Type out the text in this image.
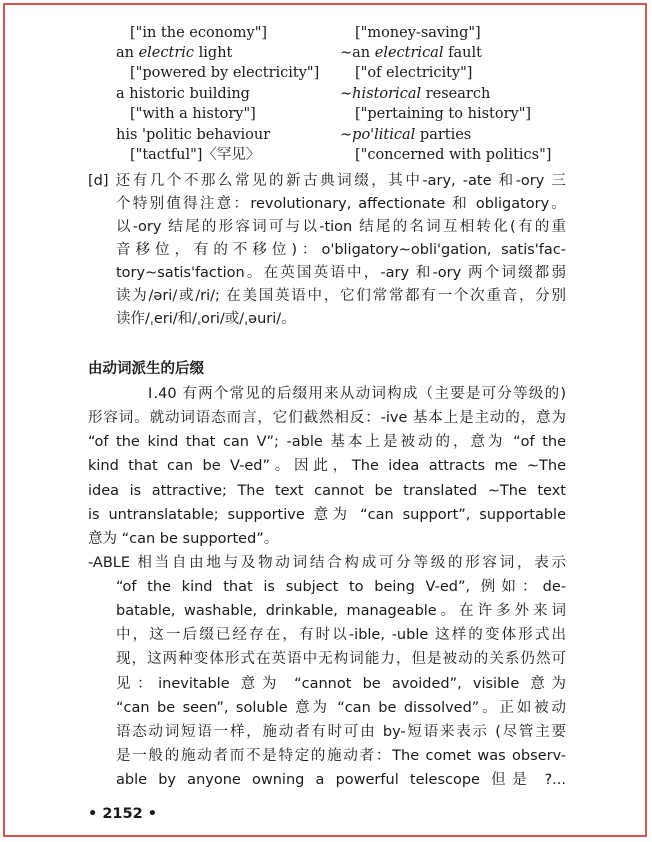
["in the economy"]	["money-saving"]
an electric light	∼an electrical fault
["powered by electricity"] ["of electricity"]
a historic building	∼historical research
["with a history"]	["pertaining to history"]
his 'politic behaviour	∼po'litical parties
["tactful"]〈罕见〉	["concerned with politics"]
[d] 还有几个不那么常见的新古典词缀，其中-ary, -ate 和-ory 三
个特别值得注意：revolutionary, affectionate 和 obligatory。
以-ory 结尾的形容词可与以-tion 结尾的名词互相转化(有的重
音移位，有的不移位)：o'bligatory∼obli'gation, satis'fac-
tory∼satis'faction。在英国英语中，-ary 和-ory 两个词缀都弱
读为/əri/或/ri/; 在美国英语中，它们常常都有一个次重音，分别
读作/ˌeri/和/ˌori/或/ˌəuri/。
由动词派生的后缀
Ⅰ.40 有两个常见的后缀用来从动词构成（主要是可分等级的)
形容词。就动词语态而言，它们截然相反：-ive 基本上是主动的，意为
“of the kind that can V”; -able 基本上是被动的，意为 “of the
kind that can be V-ed”。因此，The idea attracts me ∼The
idea is attractive; The text cannot be translated ∼The text
is untranslatable; supportive 意为 “can support”, supportable
意为 “can be supported”。
-ABLE 相当自由地与及物动词结合构成可分等级的形容词，表示
“of the kind that is subject to being V-ed”, 例如：de-
batable, washable, drinkable, manageable。在许多外来词
中，这一后缀已经存在，有时以-ible, -uble 这样的变体形式出
现，这两种变体形式在英语中无构词能力，但是被动的关系仍然可
见：inevitable 意为 “cannot be avoided”, visible 意为
“can be seen”, soluble 意为 “can be dissolved”。正如被动
语态动词短语一样，施动者有时可由 by-短语来表示 (尽管主要
是一般的施动者而不是特定的施动者：The comet was observ-
able by anyone owning a powerful telescope 但是 ?...
• 2152 •
